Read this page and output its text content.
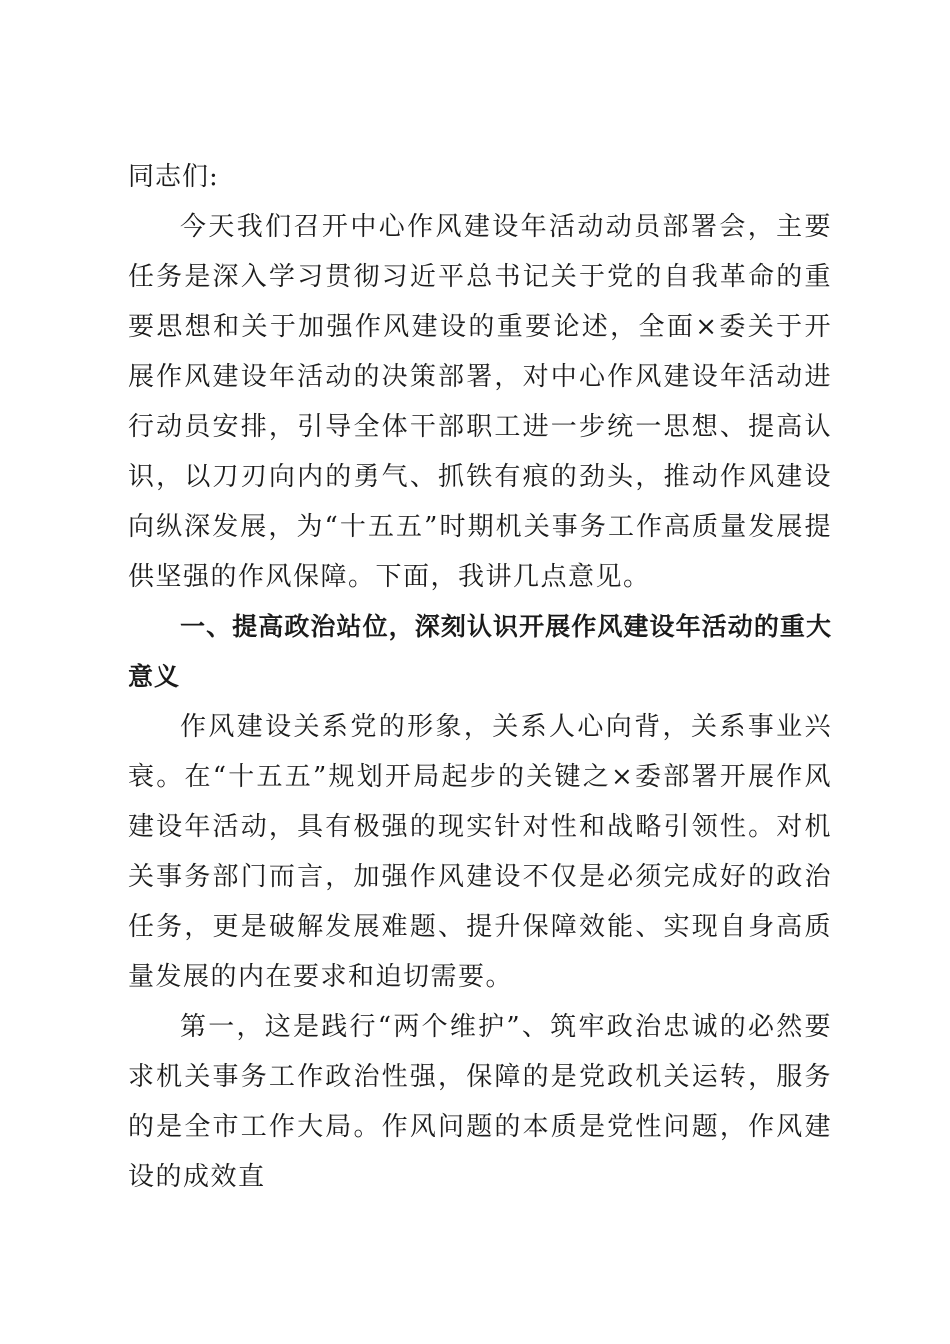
同志们:

今天我们召开中心作风建设年活动动员部署会，主要任务是深入学习贯彻习近平总书记关于党的自我革命的重要思想和关于加强作风建设的重要论述，全面×委关于开展作风建设年活动的决策部署，对中心作风建设年活动进行动员安排，引导全体干部职工进一步统一思想、提高认识，以刀刃向内的勇气、抓铁有痕的劲头，推动作风建设向纵深发展，为“十五五”时期机关事务工作高质量发展提供坚强的作风保障。下面，我讲几点意见。

一、提高政治站位，深刻认识开展作风建设年活动的重大意义

作风建设关系党的形象，关系人心向背，关系事业兴衰。在“十五五”规划开局起步的关键之×委部署开展作风建设年活动，具有极强的现实针对性和战略引领性。对机关事务部门而言，加强作风建设不仅是必须完成好的政治任务，更是破解发展难题、提升保障效能、实现自身高质量发展的内在要求和迫切需要。

第一，这是践行“两个维护”、筑牢政治忠诚的必然要求机关事务工作政治性强，保障的是党政机关运转，服务的是全市工作大局。作风问题的本质是党性问题，作风建设的成效直
